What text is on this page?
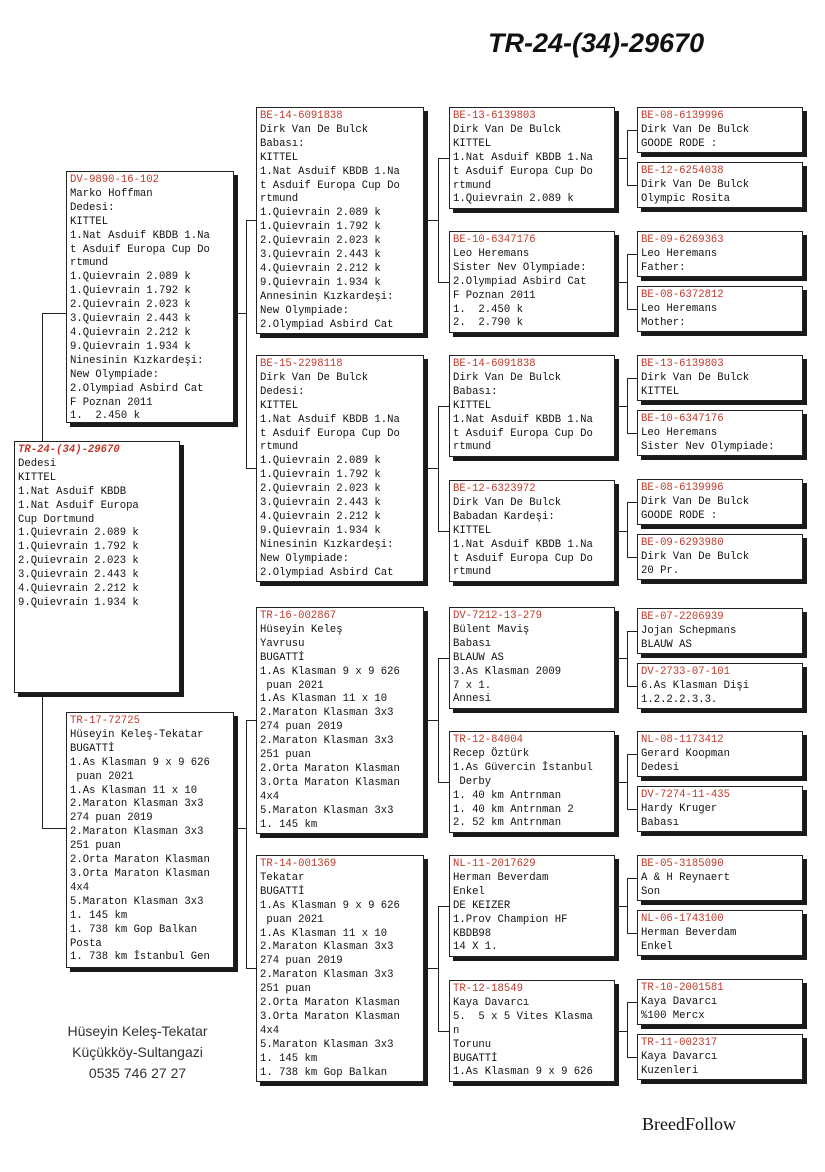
TR-24-(34)-29670
TR-24-(34)-29670
Dedesi
KITTEL
1.Nat Asduif KBDB
1.Nat Asduif Europa
Cup Dortmund
1.Quievrain 2.089 k
1.Quievrain 1.792 k
2.Quievrain 2.023 k
3.Quievrain 2.443 k
4.Quievrain 2.212 k
9.Quievrain 1.934 k
DV-9890-16-102
Marko Hoffman
Dedesi:
KITTEL
1.Nat Asduif KBDB 1.Na
t Asduif Europa Cup Do
rtmund
1.Quievrain 2.089 k
1.Quievrain 1.792 k
2.Quievrain 2.023 k
3.Quievrain 2.443 k
4.Quievrain 2.212 k
9.Quievrain 1.934 k
Ninesinin Kızkardeşi:
New Olympiade:
2.Olympiad Asbird Cat
F Poznan 2011
1.  2.450 k
TR-17-72725
Hüseyin Keleş-Tekatar
BUGATTİ
1.As Klasman 9 x 9 626
puan 2021
1.As Klasman 11 x 10
2.Maraton Klasman 3x3
274 puan 2019
2.Maraton Klasman 3x3
251 puan
2.Orta Maraton Klasman
3.Orta Maraton Klasman
4x4
5.Maraton Klasman 3x3
1. 145 km
1. 738 km Gop Balkan
Posta
1. 738 km İstanbul Gen
BE-14-6091838
Dirk Van De Bulck
Babası:
KITTEL
1.Nat Asduif KBDB 1.Na
t Asduif Europa Cup Do
rtmund
1.Quievrain 2.089 k
1.Quievrain 1.792 k
2.Quievrain 2.023 k
3.Quievrain 2.443 k
4.Quievrain 2.212 k
9.Quievrain 1.934 k
Annesinin Kızkardeşi:
New Olympiade:
2.Olympiad Asbird Cat
BE-15-2298118
Dirk Van De Bulck
Dedesi:
KITTEL
1.Nat Asduif KBDB 1.Na
t Asduif Europa Cup Do
rtmund
1.Quievrain 2.089 k
1.Quievrain 1.792 k
2.Quievrain 2.023 k
3.Quievrain 2.443 k
4.Quievrain 2.212 k
9.Quievrain 1.934 k
Ninesinin Kızkardeşi:
New Olympiade:
2.Olympiad Asbird Cat
TR-16-002867
Hüseyin Keleş
Yavrusu
BUGATTİ
1.As Klasman 9 x 9 626
puan 2021
1.As Klasman 11 x 10
2.Maraton Klasman 3x3
274 puan 2019
2.Maraton Klasman 3x3
251 puan
2.Orta Maraton Klasman
3.Orta Maraton Klasman
4x4
5.Maraton Klasman 3x3
1. 145 km
TR-14-001369
Tekatar
BUGATTİ
1.As Klasman 9 x 9 626
puan 2021
1.As Klasman 11 x 10
2.Maraton Klasman 3x3
274 puan 2019
2.Maraton Klasman 3x3
251 puan
2.Orta Maraton Klasman
3.Orta Maraton Klasman
4x4
5.Maraton Klasman 3x3
1. 145 km
1. 738 km Gop Balkan
BE-13-6139803
Dirk Van De Bulck
KITTEL
1.Nat Asduif KBDB 1.Na
t Asduif Europa Cup Do
rtmund
1.Quievrain 2.089 k
BE-10-6347176
Leo Heremans
Sister Nev Olympiade:
2.Olympiad Asbird Cat
F Poznan 2011
1.  2.450 k
2.  2.790 k
BE-14-6091838
Dirk Van De Bulck
Babası:
KITTEL
1.Nat Asduif KBDB 1.Na
t Asduif Europa Cup Do
rtmund
BE-12-6323972
Dirk Van De Bulck
Babadan Kardeşi:
KITTEL
1.Nat Asduif KBDB 1.Na
t Asduif Europa Cup Do
rtmund
DV-7212-13-279
Bülent Maviş
Babası
BLAUW AS
3.As Klasman 2009
7 x 1.
Annesi
TR-12-84004
Recep Öztürk
1.As Güvercin İstanbul
Derby
1. 40 km Antrnman
1. 40 km Antrnman 2
2. 52 km Antrnman
NL-11-2017629
Herman Beverdam
Enkel
DE KEIZER
1.Prov Champion HF
KBDB98
14 X 1.
TR-12-18549
Kaya Davarcı
5.  5 x 5 Vites Klasma
n
Torunu
BUGATTİ
1.As Klasman 9 x 9 626
BE-08-6139996
Dirk Van De Bulck
GOODE RODE :
BE-12-6254038
Dirk Van De Bulck
Olympic Rosita
BE-09-6269363
Leo Heremans
Father:
BE-08-6372812
Leo Heremans
Mother:
BE-13-6139803
Dirk Van De Bulck
KITTEL
BE-10-6347176
Leo Heremans
Sister Nev Olympiade:
BE-08-6139996
Dirk Van De Bulck
GOODE RODE :
BE-09-6293980
Dirk Van De Bulck
20 Pr.
BE-07-2206939
Jojan Schepmans
BLAUW AS
DV-2733-07-101
6.As Klasman Dişi
1.2.2.2.3.3.
NL-08-1173412
Gerard Koopman
Dedesi
DV-7274-11-435
Hardy Kruger
Babası
BE-05-3185090
A & H Reynaert
Son
NL-06-1743100
Herman Beverdam
Enkel
TR-10-2001581
Kaya Davarcı
%100 Mercx
TR-11-002317
Kaya Davarcı
Kuzenleri
Hüseyin Keleş-Tekatar
Küçükköy-Sultangazi
0535 746 27 27
BreedFollow
